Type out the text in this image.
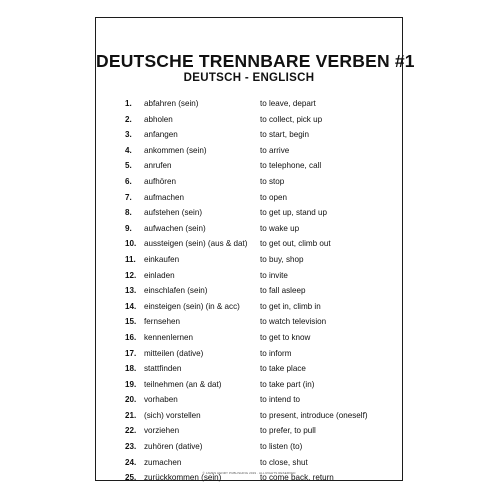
DEUTSCHE TRENNBARE VERBEN #1
DEUTSCH - ENGLISCH
1. abfahren (sein)	to leave, depart
2. abholen	to collect, pick up
3. anfangen	to start, begin
4. ankommen (sein)	to arrive
5. anrufen	to telephone, call
6. aufhören	to stop
7. aufmachen	to open
8. aufstehen (sein)	to get up, stand up
9. aufwachen (sein)	to wake up
10. aussteigen (sein) (aus & dat) to get out, climb out
11. einkaufen	to buy, shop
12. einladen	to invite
13. einschlafen (sein)	to fall asleep
14. einsteigen (sein) (in & acc) to get in, climb in
15. fernsehen	to watch television
16. kennenlernen	to get to know
17. mitteilen (dative)	to inform
18. stattfinden	to take place
19. teilnehmen (an & dat)	to take part (in)
20. vorhaben	to intend to
21. (sich) vorstellen	to present, introduce (oneself)
22. vorziehen	to prefer, to pull
23. zuhören (dative)	to listen (to)
24. zumachen	to close, shut
25. zurückkommen (sein)	to come back, return

© JAMES HENRY PUBLISHING 2019 · ALL RIGHTS RESERVED
